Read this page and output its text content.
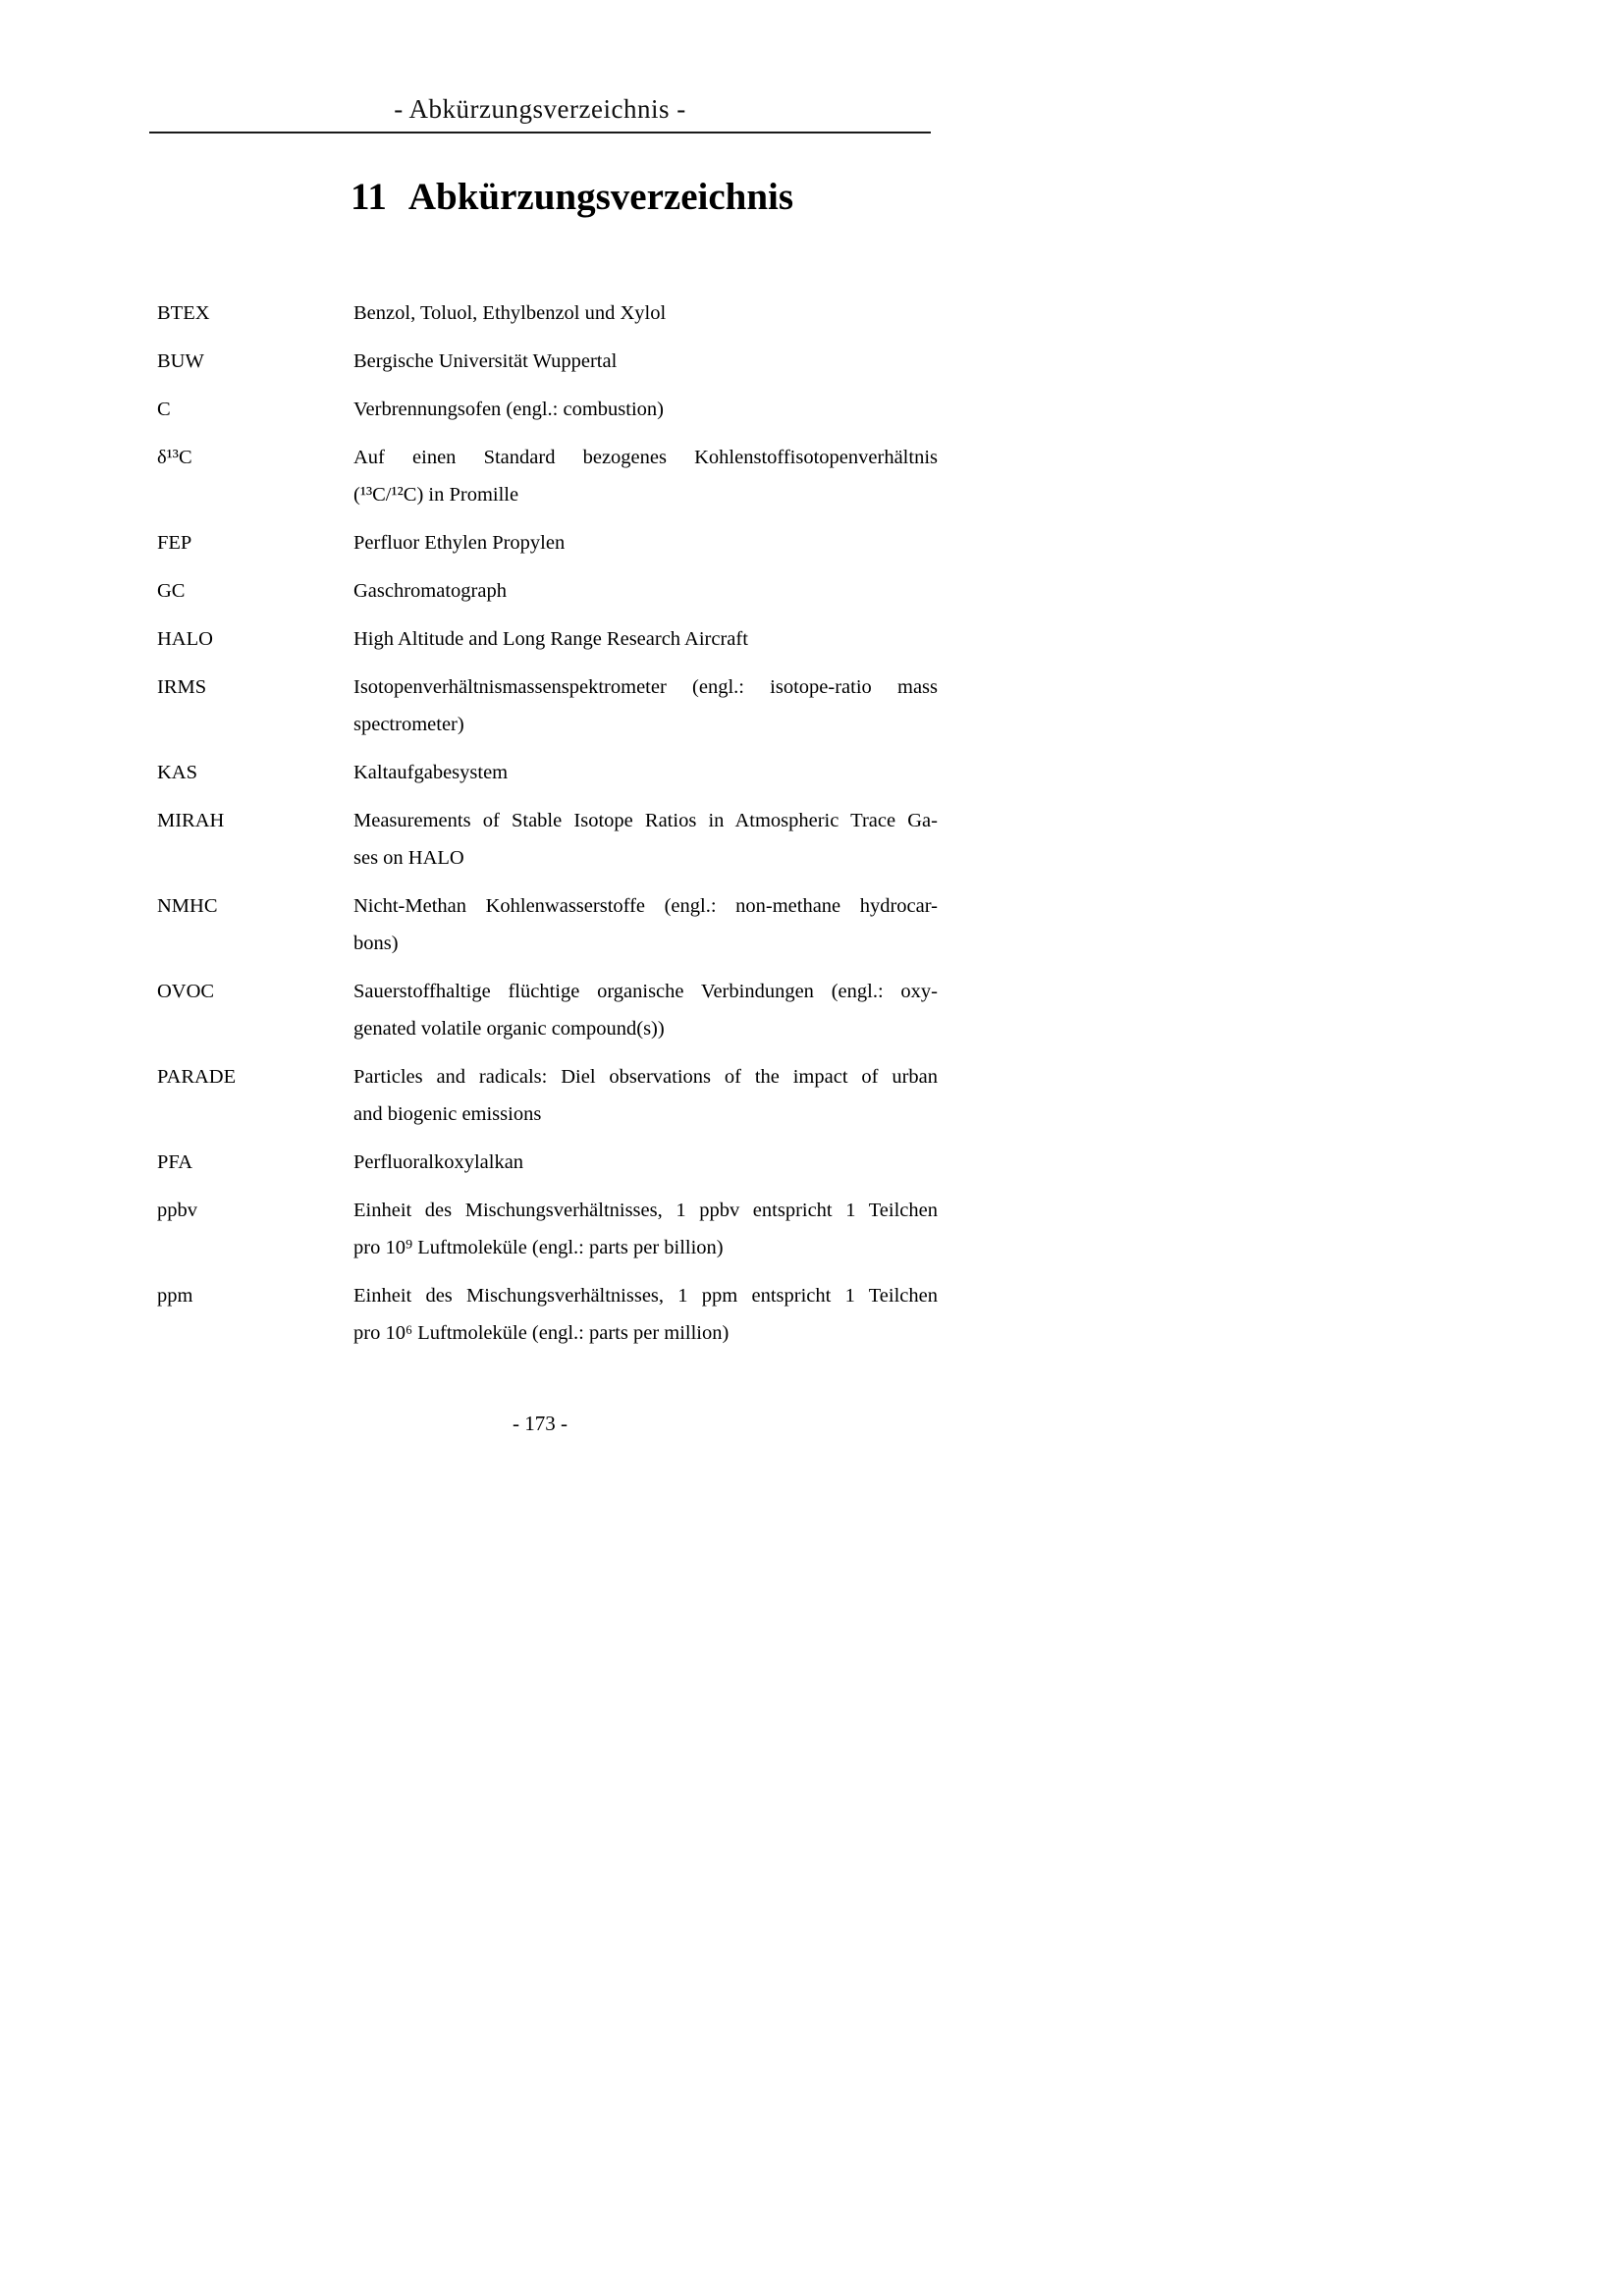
- Abkürzungsverzeichnis -
11 Abkürzungsverzeichnis
BTEX	Benzol, Toluol, Ethylbenzol und Xylol
BUW	Bergische Universität Wuppertal
C	Verbrennungsofen (engl.: combustion)
δ¹³C	Auf einen Standard bezogenes Kohlenstoffisotopenverhältnis
(¹³C/¹²C) in Promille
FEP	Perfluor Ethylen Propylen
GC	Gaschromatograph
HALO	High Altitude and Long Range Research Aircraft
IRMS	Isotopenverhältnismassenspektrometer (engl.: isotope-ratio mass
spectrometer)
KAS	Kaltaufgabesystem
MIRAH	Measurements of Stable Isotope Ratios in Atmospheric Trace Ga-
ses on HALO
NMHC	Nicht-Methan Kohlenwasserstoffe (engl.: non-methane hydrocar-
bons)
OVOC	Sauerstoffhaltige flüchtige organische Verbindungen (engl.: oxy-
genated volatile organic compound(s))
PARADE	Particles and radicals: Diel observations of the impact of urban
and biogenic emissions
PFA	Perfluoralkoxylalkan
ppbv	Einheit des Mischungsverhältnisses, 1 ppbv entspricht 1 Teilchen
pro 10⁹ Luftmoleküle (engl.: parts per billion)
ppm	Einheit des Mischungsverhältnisses, 1 ppm entspricht 1 Teilchen
pro 10⁶ Luftmoleküle (engl.: parts per million)
- 173 -
